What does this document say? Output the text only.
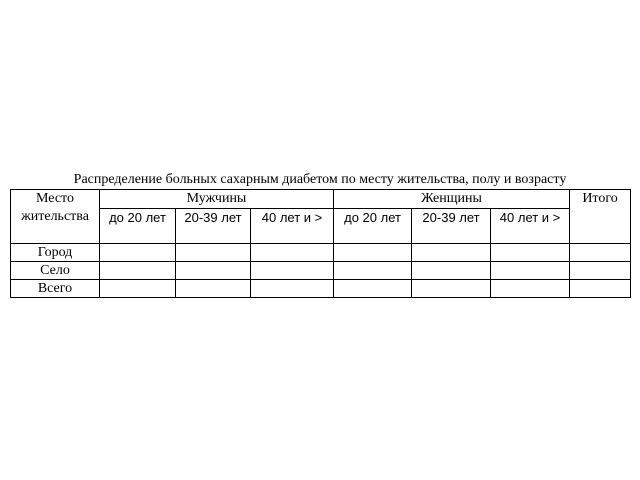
Распределение больных сахарным диабетом по месту жительства, полу и возрасту
Место жительства	Мужчины			Женщины			Итого
	до 20 лет	20-39 лет	40 лет и >	до 20 лет	20-39 лет	40 лет и >	
Город							
Село							
Всего							
